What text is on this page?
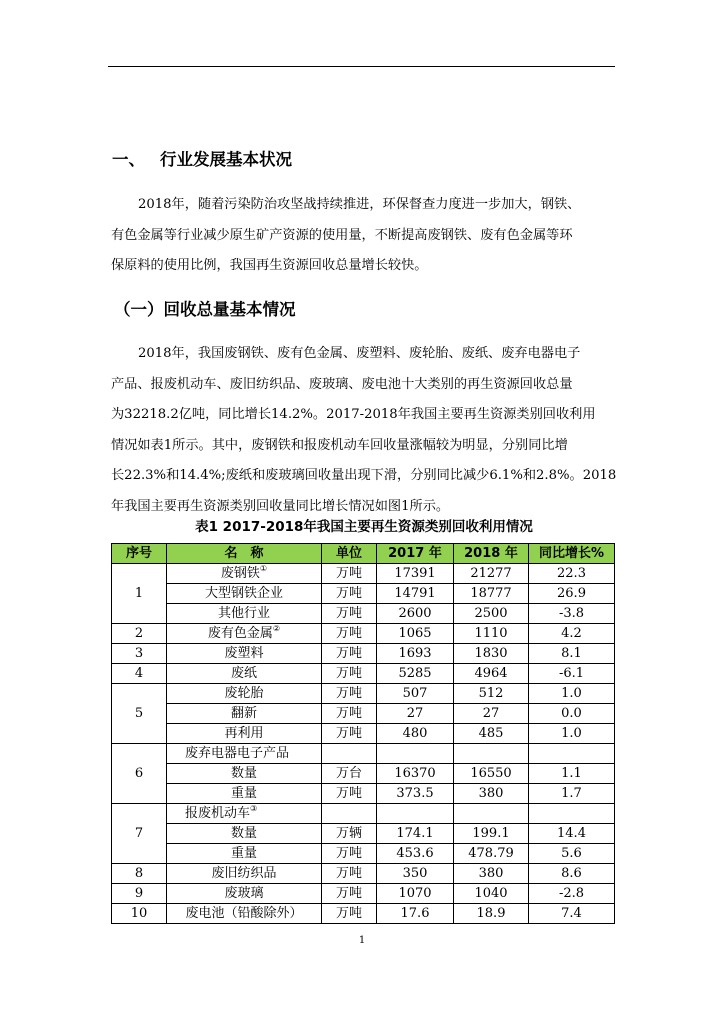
一、 行业发展基本状况

2018年，随着污染防治攻坚战持续推进，环保督查力度进一步加大，钢铁、
有色金属等行业减少原生矿产资源的使用量，不断提高废钢铁、废有色金属等环
保原料的使用比例，我国再生资源回收总量增长较快。

（一）回收总量基本情况

2018年，我国废钢铁、废有色金属、废塑料、废轮胎、废纸、废弃电器电子
产品、报废机动车、废旧纺织品、废玻璃、废电池十大类别的再生资源回收总量
为32218.2亿吨，同比增长14.2%。2017-2018年我国主要再生资源类别回收利用
情况如表1所示。其中，废钢铁和报废机动车回收量涨幅较为明显，分别同比增
长22.3%和14.4%;废纸和废玻璃回收量出现下滑，分别同比减少6.1%和2.8%。2018
年我国主要再生资源类别回收量同比增长情况如图1所示。

表1 2017-2018年我国主要再生资源类别回收利用情况
序号	名　称	单位	2017 年	2018 年	同比增长%
1	废钢铁①	万吨	17391	21277	22.3
	大型钢铁企业	万吨	14791	18777	26.9
	其他行业	万吨	2600	2500	-3.8
2	废有色金属②	万吨	1065	1110	4.2
3	废塑料	万吨	1693	1830	8.1
4	废纸	万吨	5285	4964	-6.1
5	废轮胎	万吨	507	512	1.0
	翻新	万吨	27	27	0.0
	再利用	万吨	480	485	1.0
6	废弃电器电子产品				
	数量	万台	16370	16550	1.1
	重量	万吨	373.5	380	1.7
7	报废机动车③				
	数量	万辆	174.1	199.1	14.4
	重量	万吨	453.6	478.79	5.6
8	废旧纺织品	万吨	350	380	8.6
9	废玻璃	万吨	1070	1040	-2.8
10	废电池（铅酸除外）	万吨	17.6	18.9	7.4
1
